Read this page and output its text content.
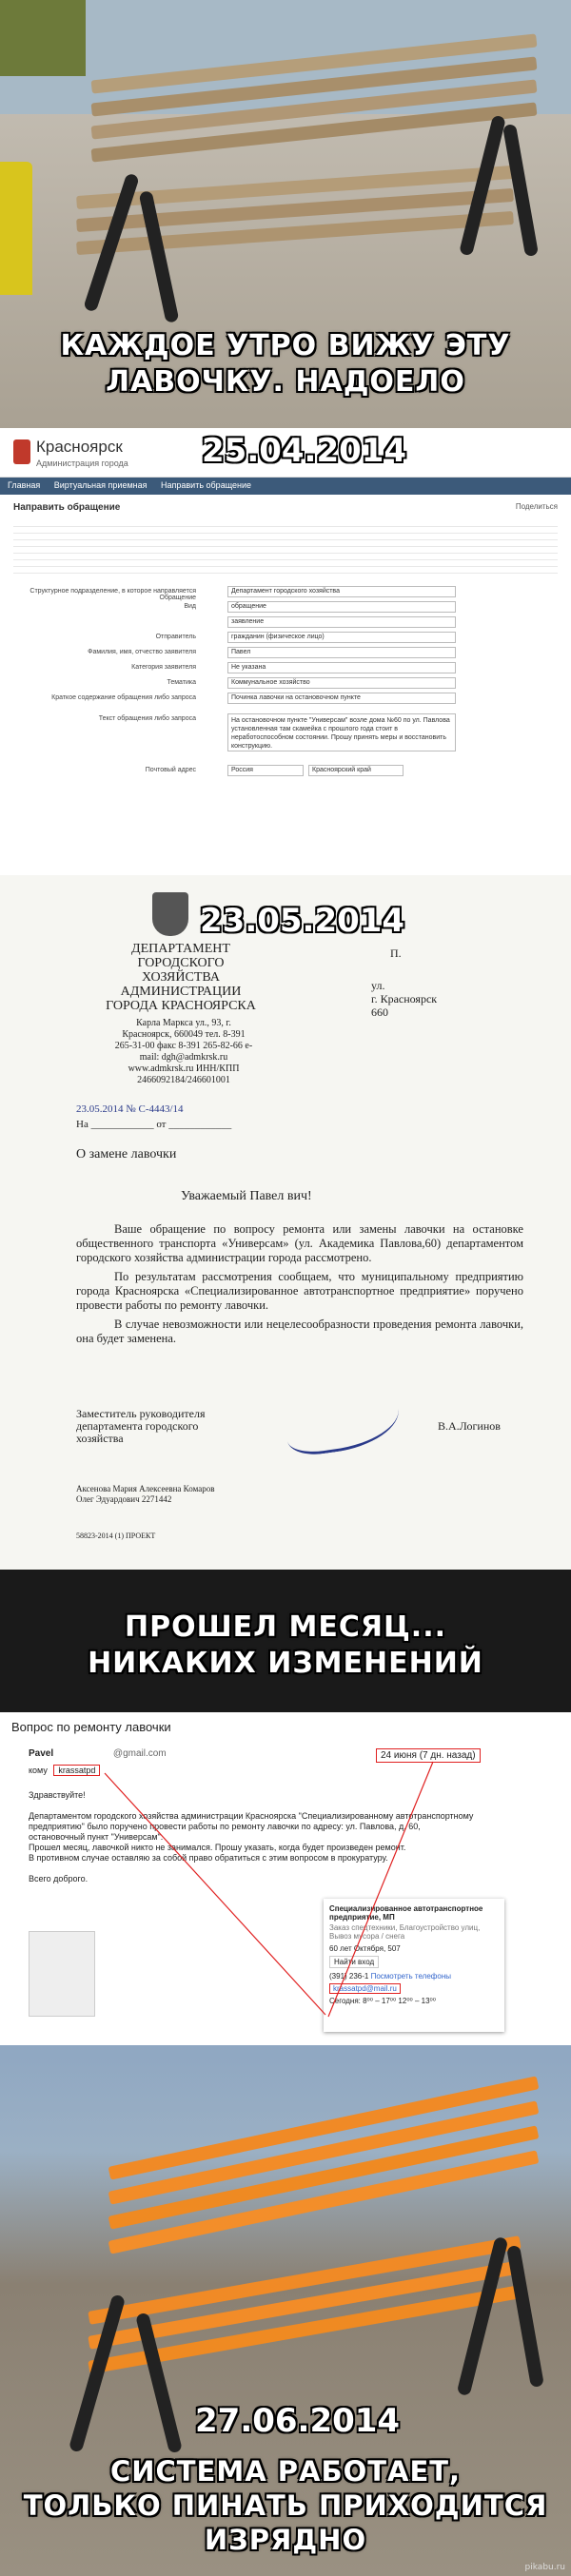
КАЖДОЕ УТРО ВИЖУ ЭТУ ЛАВОЧКУ. НАДОЕЛО
Красноярск
Администрация города 25.04.2014
Главная Виртуальная приемная Направить обращение
Направить обращение	Поделиться
Структурное подразделение, в которое направляется Обращение
Департамент городского хозяйства
Вид	обращение
заявление
Отправитель	гражданин (физическое лицо)
Фамилия, имя, отчество заявителя	Павел
Категория заявителя	Не указана
Тематика	Коммунальное хозяйство
Краткое содержание обращения либо запроса	Починка лавочки на остановочном пункте
Текст обращения либо запроса	На остановочном пункте "Универсам" возле дома №60 по ул. Павлова установленная там скамейка с прошлого года стоит в неработоспособном состоянии. Прошу принять меры и восстановить конструкцию.
Почтовый адрес	Россия	Красноярский край
23.05.2014
ДЕПАРТАМЕНТ ГОРОДСКОГО ХОЗЯЙСТВА АДМИНИСТРАЦИИ ГОРОДА КРАСНОЯРСКА
Карла Маркса ул., 93, г. Красноярск, 660049 тел. 8-391 265-31-00 факс 8-391 265-82-66 e-mail: dgh@admkrsk.ru www.admkrsk.ru ИНН/КПП 2466092184/246601001
23.05.2014 № С-4443/14
На ____________ от ____________
П.
ул.
г. Красноярск
660
О замене лавочки
Уважаемый Павел вич!
Ваше обращение по вопросу ремонта или замены лавочки на остановке общественного транспорта «Универсам» (ул. Академика Павлова,60) департаментом городского хозяйства администрации города рассмотрено.
По результатам рассмотрения сообщаем, что муниципальному предприятию города Красноярска «Специализированное автотранспортное предприятие» поручено провести работы по ремонту лавочки.
В случае невозможности или нецелесообразности проведения ремонта лавочки, она будет заменена.
Заместитель руководителя департамента городского хозяйства
В.А.Логинов
Аксенова Мария Алексеевна Комаров Олег Эдуардович 2271442
58823-2014 (1) ПРОЕКТ
ПРОШЕЛ МЕСЯЦ...
НИКАКИХ ИЗМЕНЕНИЙ
Вопрос по ремонту лавочки
Pavel	@gmail.com
кому krassatpd
24 июня (7 дн. назад)

Здравствуйте!

Департаментом городского хозяйства администрации Красноярска "Специализированному автотранспортному предприятию" было поручено провести работы по ремонту лавочки по адресу: ул. Павлова, д. 60, остановочный пункт "Универсам".

Прошел месяц, лавочкой никто не занимался. Прошу указать, когда будет произведен ремонт.

В противном случае оставляю за собой право обратиться с этим вопросом в прокуратуру.

Всего доброго.

Специализированное автотранспортное предприятие, МП
Заказ спецтехники, Благоустройство улиц, Вывоз мусора / снега
60 лет Октября, 507
Найти вход
(391) 236-1 Посмотреть телефоны
krassatpd@mail.ru
Сегодня: 8⁰⁰ – 17⁰⁰ 12⁰⁰ – 13⁰⁰
27.06.2014
СИСТЕМА РАБОТАЕТ,
ТОЛЬКО ПИНАТЬ ПРИХОДИТСЯ
ИЗРЯДНО
pikabu.ru
